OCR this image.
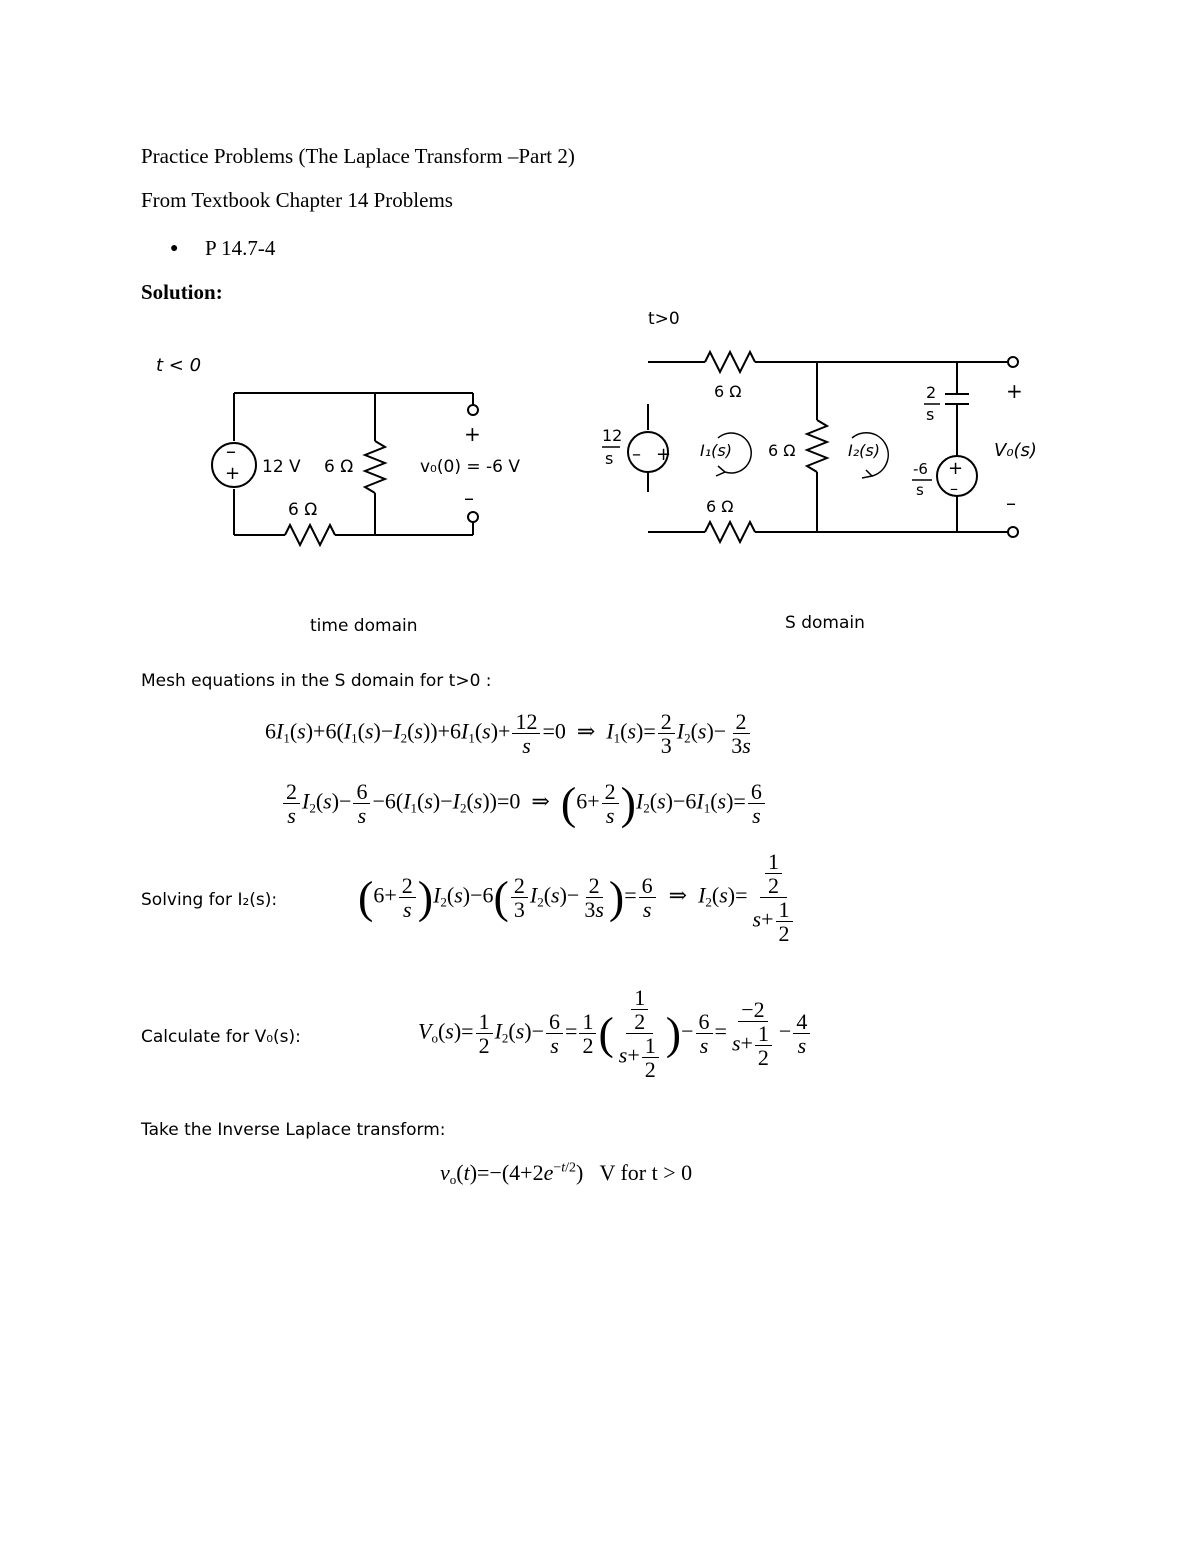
Practice Problems (The Laplace Transform –Part 2)
From Textbook Chapter 14 Problems
● P 14.7-4
Solution:
t < 0
–
+ 12 V 6 Ω
6 Ω
+
–
v₀(0) = -6 V
time domain
t>0
+
–
12
s	+
–
2
s
-6
s
I₁(s)	I₂(s)
6 Ω
6 Ω
6 Ω
+
V₀(s)
–
S domain
Mesh equations in the S domain for t>0 :
$6I_1(s)+6(I_1(s)-I_2(s))+6I_1(s)+ \frac{12}{s} =0$  ⇒  $I_1(s)= \frac{2}{3} I_2(s)- \frac{2}{3s}$
$\frac{2}{s} I_2(s)- \frac{6}{s} -6(I_1(s)-I_2(s))=0$  ⇒  $(6+ \frac{2}{s} )I_2(s)-6I_1(s)= \frac{6}{s}$
Solving for I₂(s): $(6+ \frac{2}{s} )I_2(s)-6( \frac{2}{3} I_2(s)- \frac{2}{3s}$ )= $\frac{6}{s}$ ⇒  $I_2(s)= \frac{\frac{1}{2}}{s+ \frac{1}{2}}$
Calculate for V₀(s):	$V_o(s)= \frac{1}{2} I_2(s)- \frac{6}{s} = \frac{1}{2}$ ( $\frac{\frac{1}{2}}{s+ \frac{1}{2}}$ )− $\frac{6}{s} = \frac{-2}{s+ \frac{1}{2}} - \frac{4}{s}$
Take the Inverse Laplace transform:
$v_o(t)=-(4+2e^{-t/2})$   V for t > 0
